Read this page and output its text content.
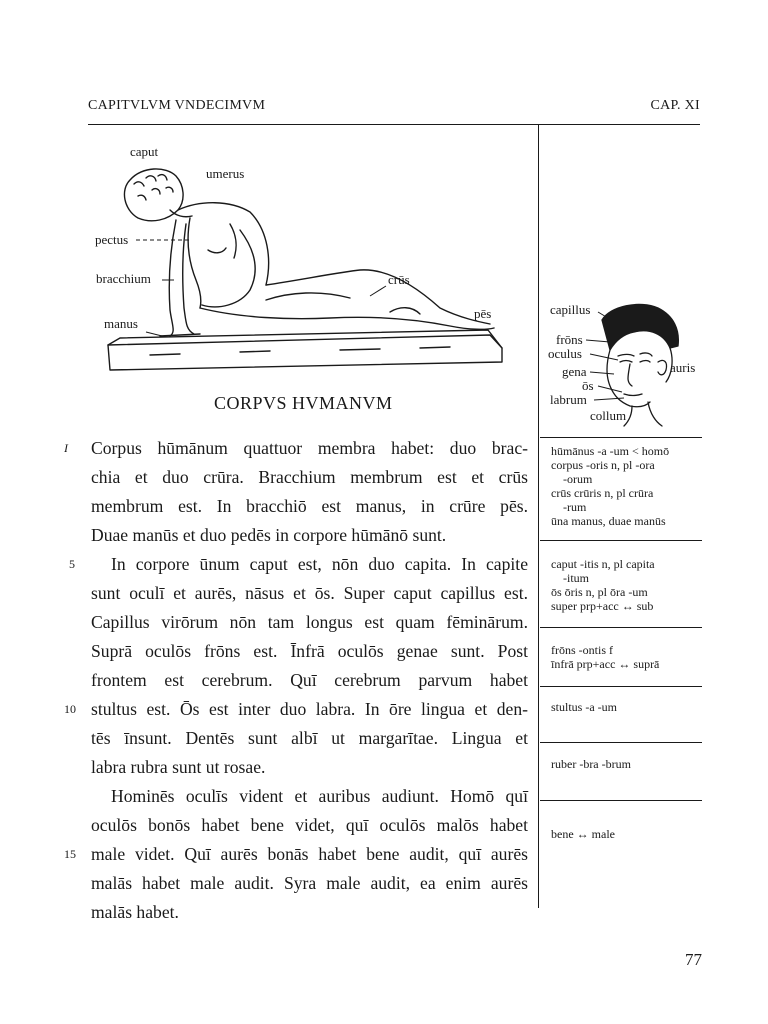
CAPITVLVM VNDECIMVM	CAP. XI
caput
umerus
pectus
bracchium	crūs
pēs
manus
capillus
frōns
oculus
gena
ōs
labrum
collum
auris
CORPVS HVMANVM
I
5
10
15
Corpus hūmānum quattuor membra habet: duo brac-
chia et duo crūra. Bracchium membrum est et crūs
membrum est. In bracchiō est manus, in crūre pēs.
Duae manūs et duo pedēs in corpore hūmānō sunt.
In corpore ūnum caput est, nōn duo capita. In capite
sunt oculī et aurēs, nāsus et ōs. Super caput capillus est.
Capillus virōrum nōn tam longus est quam fēminārum.
Suprā oculōs frōns est. Īnfrā oculōs genae sunt. Post
frontem est cerebrum. Quī cerebrum parvum habet
stultus est. Ōs est inter duo labra. In ōre lingua et den-
tēs īnsunt. Dentēs sunt albī ut margarītae. Lingua et
labra rubra sunt ut rosae.
Hominēs oculīs vident et auribus audiunt. Homō quī
oculōs bonōs habet bene videt, quī oculōs malōs habet
male videt. Quī aurēs bonās habet bene audit, quī aurēs
malās habet male audit. Syra male audit, ea enim aurēs
malās habet.
hūmānus -a -um < homō
corpus -oris n, pl -ora
-orum
crūs crūris n, pl crūra
-rum
ūna manus, duae manūs
caput -itis n, pl capita
-itum
ōs ōris n, pl ōra -um
super prp+acc ↔ sub
frōns -ontis f
īnfrā prp+acc ↔ suprā
stultus -a -um
ruber -bra -brum
bene ↔ male
77
